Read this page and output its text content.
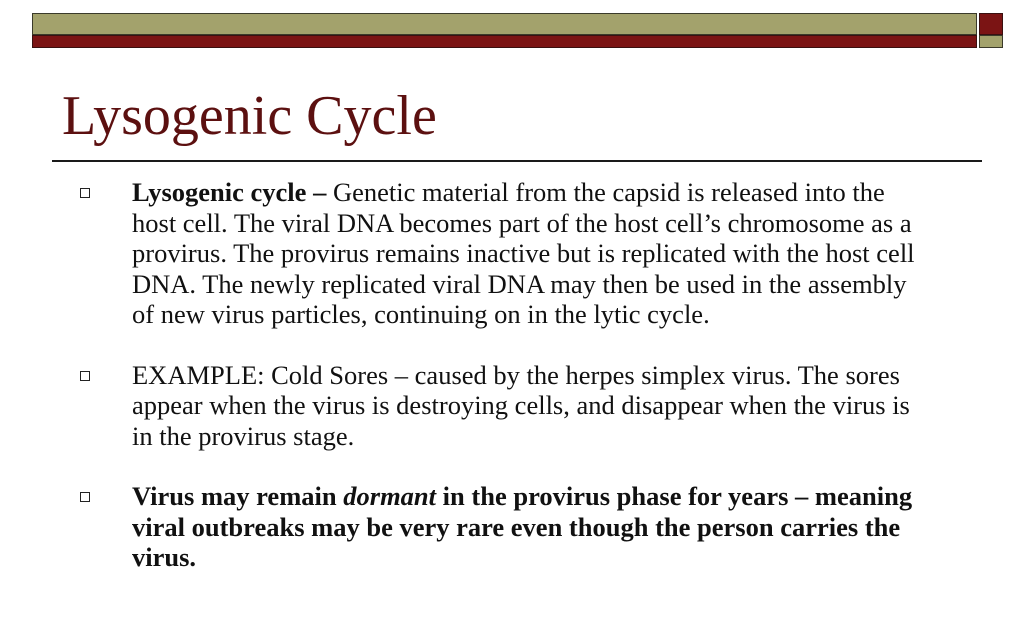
Lysogenic Cycle
Lysogenic cycle – Genetic material from the capsid is released into the host cell. The viral DNA becomes part of the host cell’s chromosome as a provirus. The provirus remains inactive but is replicated with the host cell DNA. The newly replicated viral DNA may then be used in the assembly of new virus particles, continuing on in the lytic cycle.
EXAMPLE: Cold Sores – caused by the herpes simplex virus. The sores appear when the virus is destroying cells, and disappear when the virus is in the provirus stage.
Virus may remain dormant in the provirus phase for years – meaning viral outbreaks may be very rare even though the person carries the virus.
